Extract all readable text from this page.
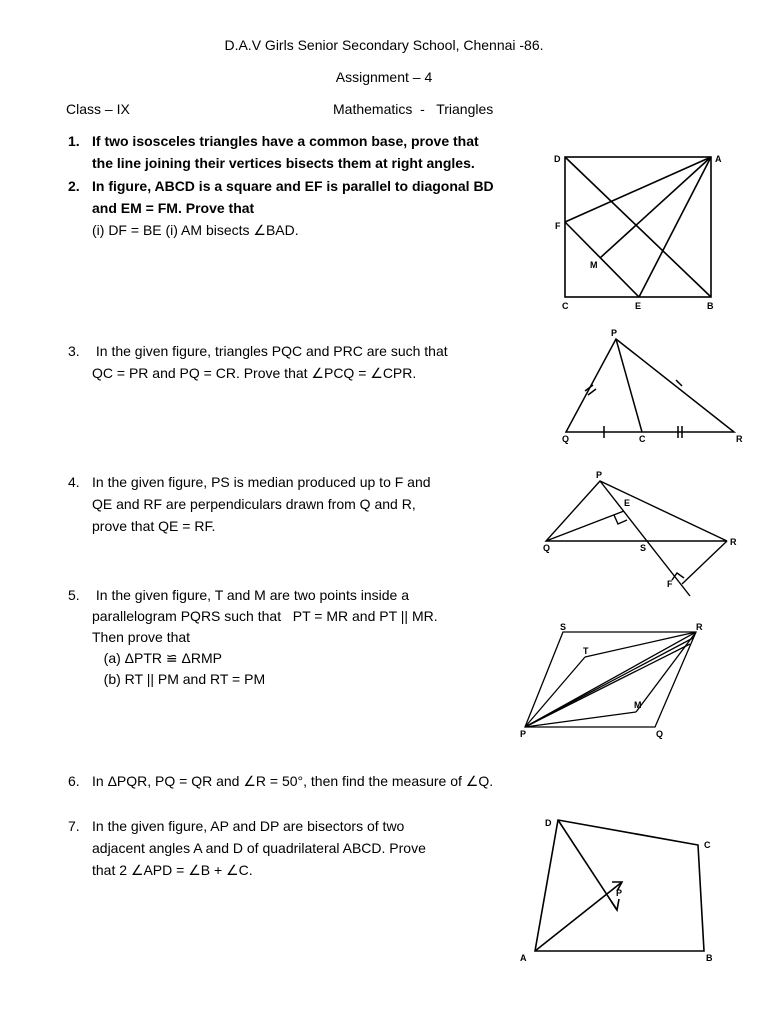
D.A.V Girls Senior Secondary School, Chennai -86.
Assignment – 4
Class – IX	Mathematics  -   Triangles
1. If two isosceles triangles have a common base, prove that
the line joining their vertices bisects them at right angles.
2. In figure, ABCD is a square and EF is parallel to diagonal BD
and EM = FM. Prove that
(i) DF = BE (i) AM bisects ∠BAD.
3. In the given figure, triangles PQC and PRC are such that
QC = PR and PQ = CR. Prove that ∠PCQ = ∠CPR.
4. In the given figure, PS is median produced up to F and
QE and RF are perpendiculars drawn from Q and R,
prove that QE = RF.
5. In the given figure, T and M are two points inside a
parallelogram PQRS such that   PT = MR and PT || MR.
Then prove that
(a) ΔPTR ≌ ΔRMP
(b) RT || PM and RT = PM
6. In ΔPQR, PQ = QR and ∠R = 50°, then find the measure of ∠Q.
7. In the given figure, AP and DP are bisectors of two
adjacent angles A and D of quadrilateral ABCD. Prove
that 2 ∠APD = ∠B + ∠C.
D	A
F
M
C	E	B
P
Q	C	R
P
E
Q	S
R
F
S	R
T
M
P	Q
D
C
P
A	B
